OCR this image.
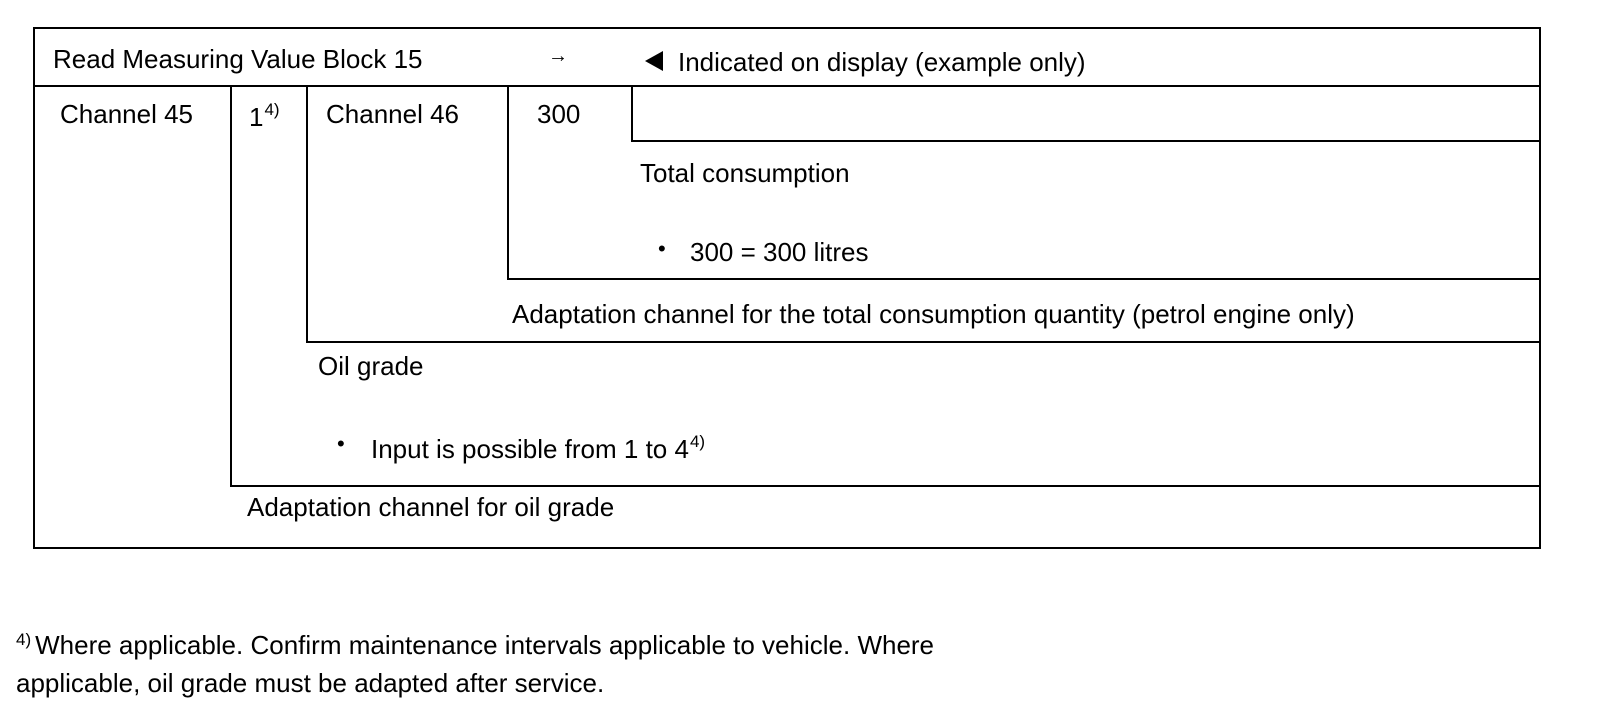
Read Measuring Value Block 15	→	Indicated on display (example only)
Channel 45 1$^{4)}$ Channel 46	300
Total consumption
• 300 = 300 litres
Adaptation channel for the total consumption quantity (petrol engine only)
Oil grade
• Input is possible from 1 to 4$^{4)}$
Adaptation channel for oil grade
$^{4)}$ Where applicable. Confirm maintenance intervals applicable to vehicle. Where
applicable, oil grade must be adapted after service.
